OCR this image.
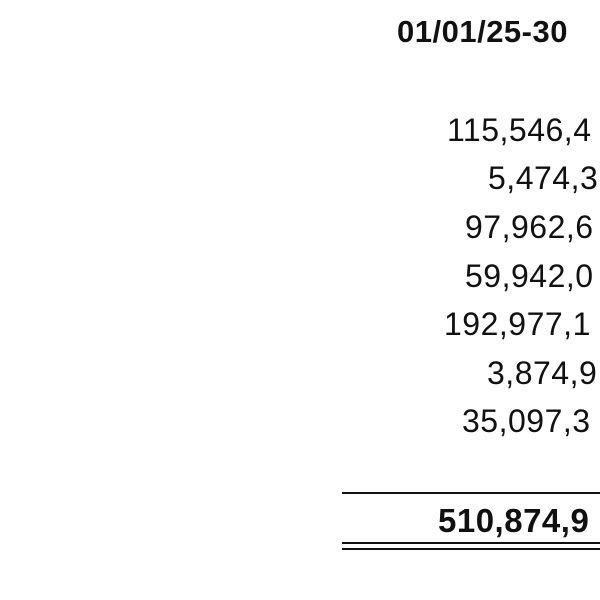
01/01/25-30
115,546,4
5,474,3
97,962,6
59,942,0
192,977,1
3,874,9
35,097,3
510,874,9
